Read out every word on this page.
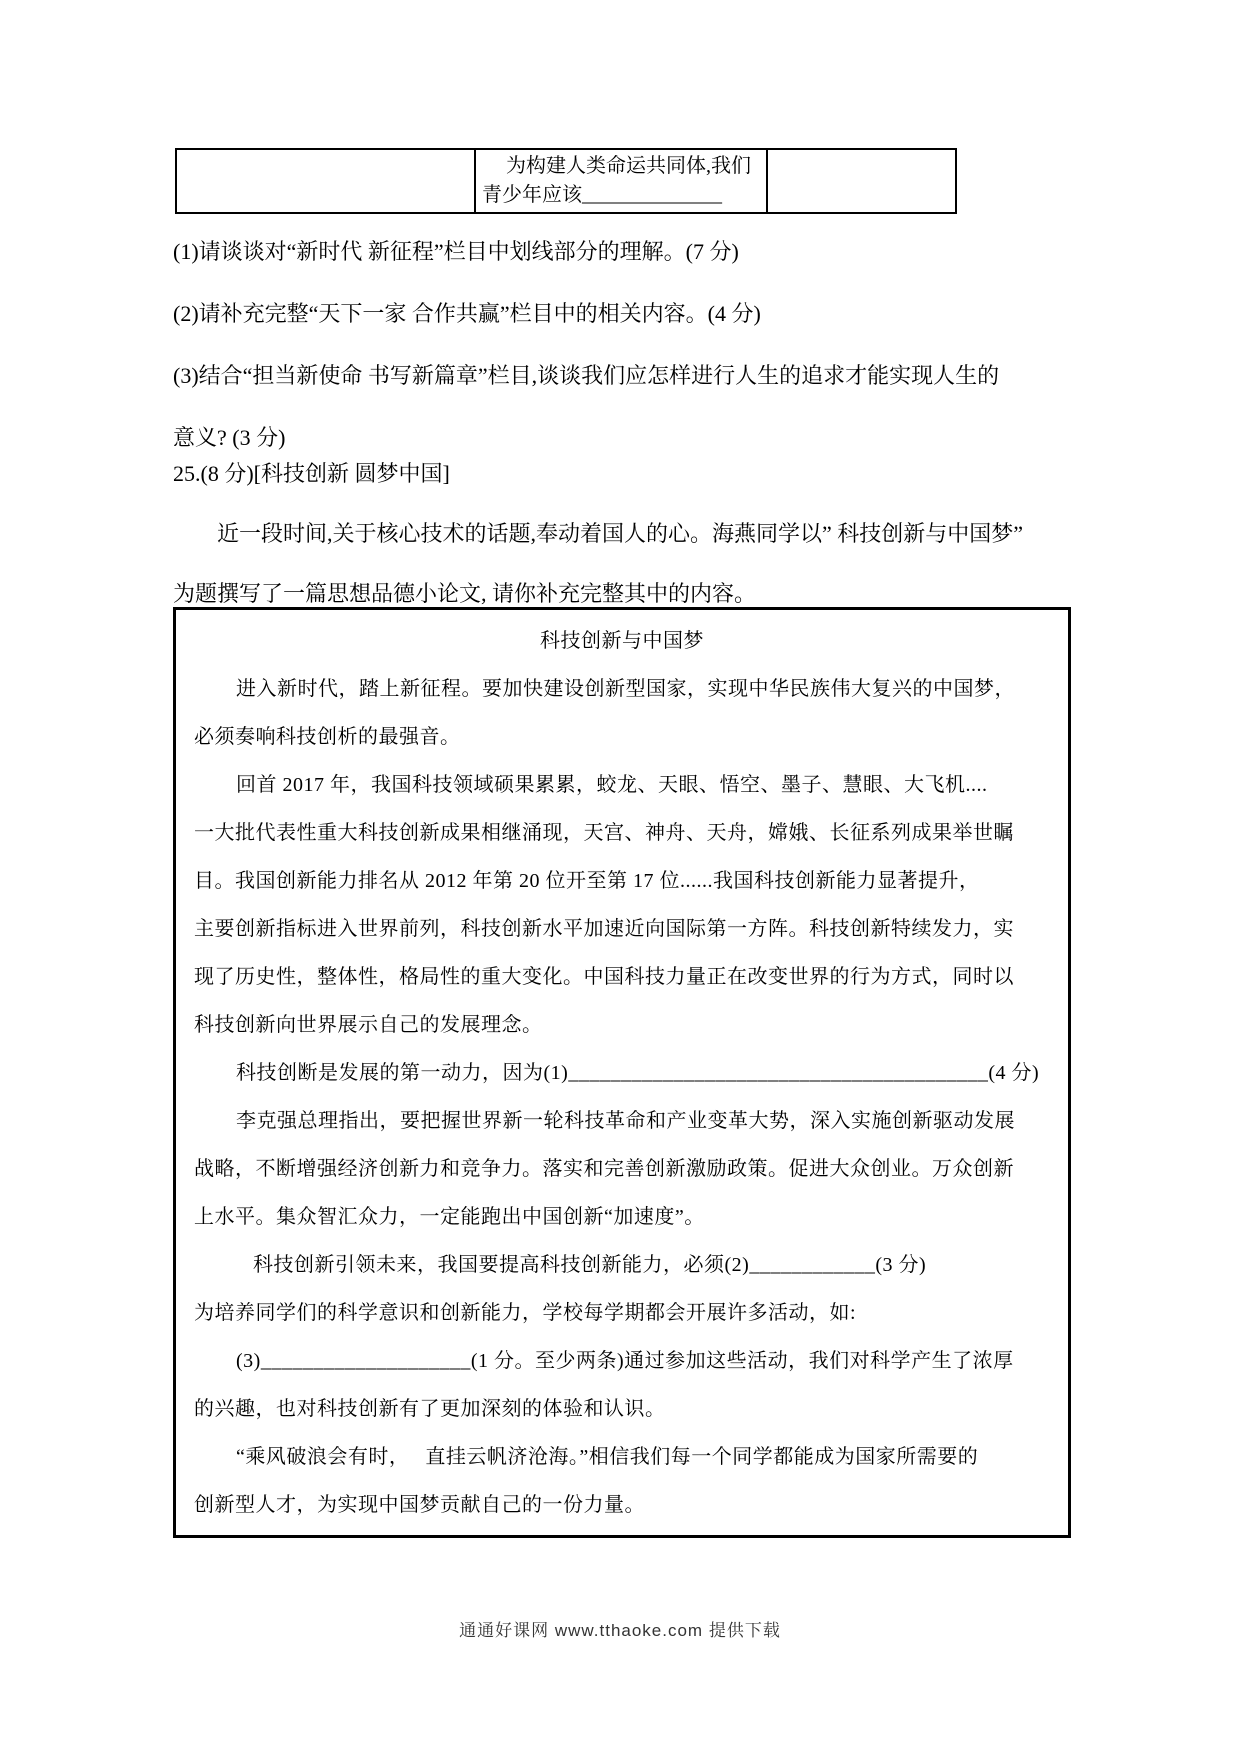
为构建人类命运共同体,我们青少年应该______________

(1)请谈谈对“新时代 新征程”栏目中划线部分的理解。(7 分)

(2)请补充完整“天下一家 合作共赢”栏目中的相关内容。(4 分)

(3)结合“担当新使命 书写新篇章”栏目,谈谈我们应怎样进行人生的追求才能实现人生的

意义? (3 分)

25.(8 分)[科技创新 圆梦中国]

近一段时间,关于核心技术的话题,奉动着国人的心。海燕同学以” 科技创新与中国梦”

为题撰写了一篇思想品德小论文, 请你补充完整其中的内容。

科技创新与中国梦

进入新时代，踏上新征程。要加快建设创新型国家，实现中华民族伟大复兴的中国梦，

必须奏响科技创析的最强音。

回首 2017 年，我国科技领域硕果累累，蛟龙、天眼、悟空、墨子、慧眼、大飞机....

一大批代表性重大科技创新成果相继涌现，天宫、神舟、天舟，嫦娥、长征系列成果举世瞩

目。我国创新能力排名从 2012 年第 20 位开至第 17 位......我国科技创新能力显著提升，

主要创新指标进入世界前列，科技创新水平加速近向国际第一方阵。科技创新特续发力，实

现了历史性，整体性，格局性的重大变化。中国科技力量正在改变世界的行为方式，同时以

科技创新向世界展示自己的发展理念。

科技创断是发展的第一动力，因为(1)________________________________________(4 分)

李克强总理指出，要把握世界新一轮科技革命和产业变革大势，深入实施创新驱动发展

战略，不断增强经济创新力和竞争力。落实和完善创新激励政策。促进大众创业。万众创新

上水平。集众智汇众力，一定能跑出中国创新“加速度”。

科技创新引领未来，我国要提高科技创新能力，必须(2)____________(3 分)

为培养同学们的科学意识和创新能力，学校每学期都会开展许多活动，如:

(3)____________________(1 分。至少两条)通过参加这些活动，我们对科学产生了浓厚

的兴趣，也对科技创新有了更加深刻的体验和认识。

“乘风破浪会有时，　 直挂云帆济沧海。”相信我们每一个同学都能成为国家所需要的

创新型人才，为实现中国梦贡献自己的一份力量。

通通好课网 www.tthaoke.com 提供下载
